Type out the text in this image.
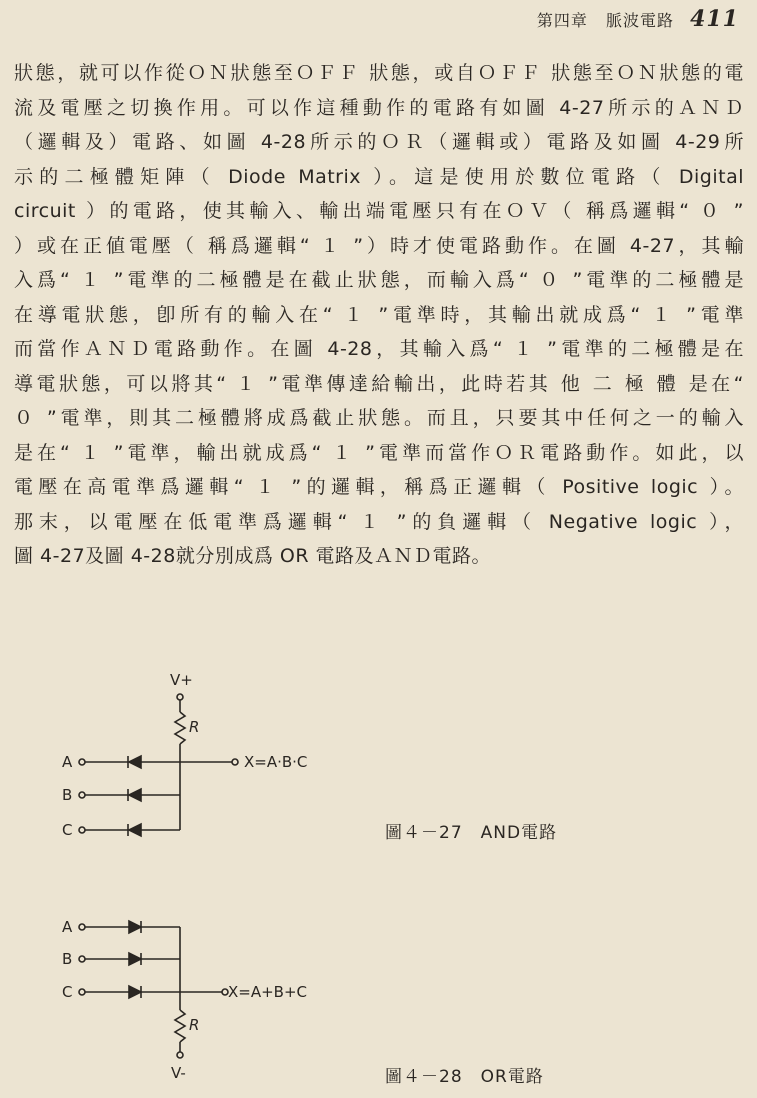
第四章 脈波電路 411
狀態，就可以作從ＯＮ狀態至ＯＦＦ 狀態，或自ＯＦＦ 狀態至ＯＮ狀態的電
流及電壓之切換作用。可以作這種動作的電路有如圖 4-27所示的ＡＮＤ
（邏輯及）電路、如圖 4-28所示的ＯＲ（邏輯或）電路及如圖 4-29所
示的二極體矩陣（ Diode Matrix ）。這是使用於數位電路（ Digital
circuit ）的電路，使其輸入、輸出端電壓只有在ＯＶ（ 稱爲邏輯“ ０ ”
）或在正値電壓（ 稱爲邏輯“ １ ”）時才使電路動作。在圖 4-27，其輸
入爲“ １ ”電準的二極體是在截止狀態，而輸入爲“ ０ ”電準的二極體是
在導電狀態，卽所有的輸入在“ １ ”電準時，其輸出就成爲“ １ ”電準
而當作ＡＮＤ電路動作。在圖 4-28，其輸入爲“ １ ”電準的二極體是在
導電狀態，可以將其“ １ ”電準傳達給輸出，此時若其 他 二 極 體 是在“
０ ”電準，則其二極體將成爲截止狀態。而且，只要其中任何之一的輸入
是在“ １ ”電準，輸出就成爲“ １ ”電準而當作ＯＲ電路動作。如此，以
電壓在高電準爲邏輯“ １ ”的邏輯，稱爲正邏輯（ Positive logic ）。
那末，以電壓在低電準爲邏輯“ １ ”的負邏輯（ Negative logic ），
圖 4-27及圖 4-28就分別成爲 OR 電路及ＡＮＤ電路。
V+
R
X=A·B·C
A
B
C
A
B
C	X=A+B+C
R
V-
圖４－27　AND電路
圖４－28　OR電路
